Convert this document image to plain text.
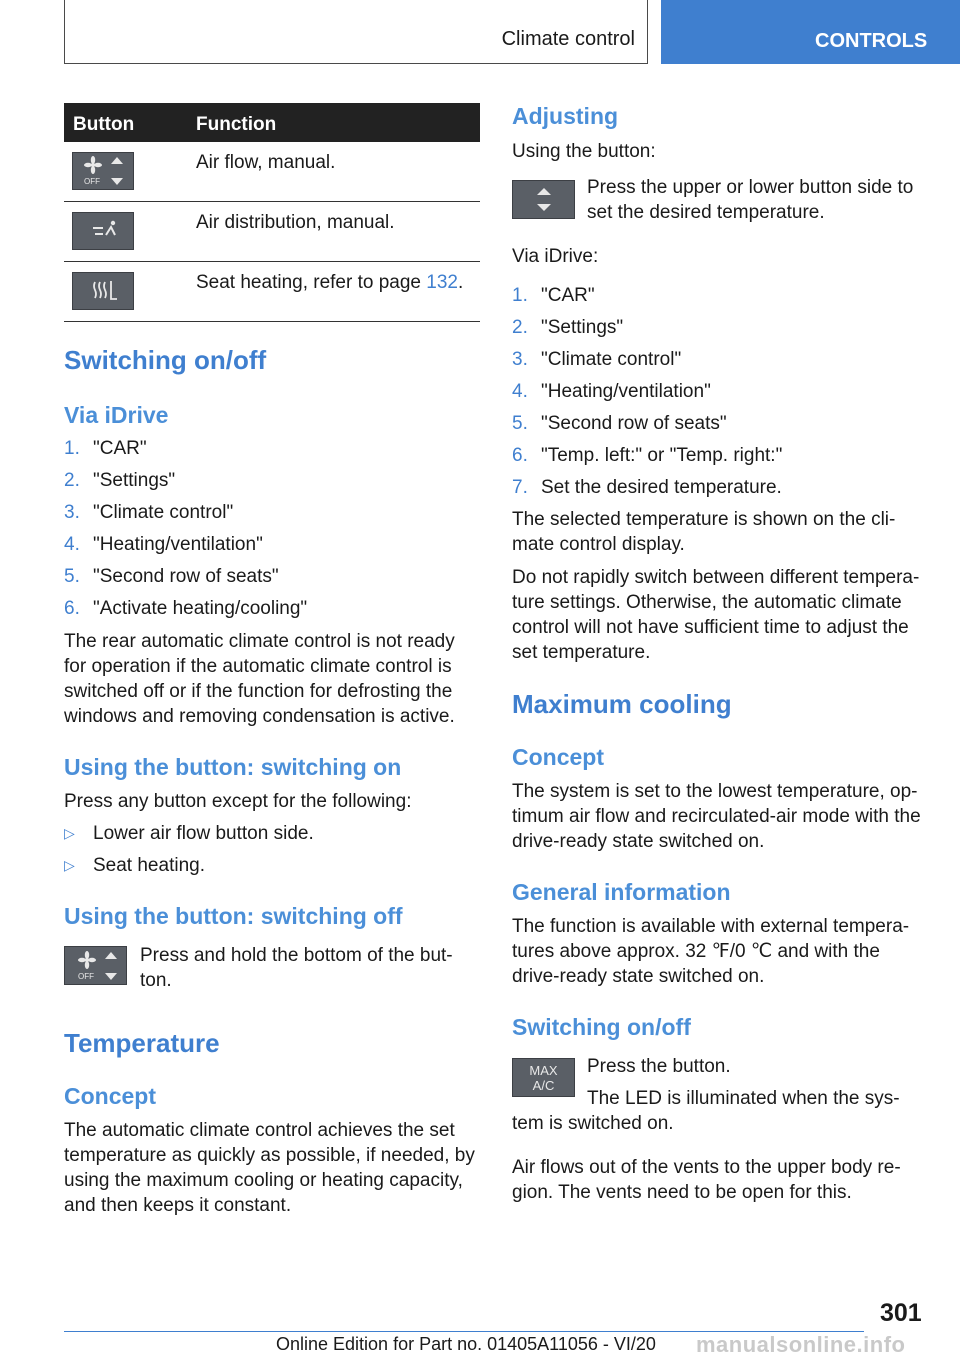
Climate control	CONTROLS
Button	Function
OFF
Air flow, manual.
Air distribution, manual.
Seat heating, refer to page 132.
Switching on/off
Via iDrive
1. "CAR"
2. "Settings"
3. "Climate control"
4. "Heating/ventilation"
5. "Second row of seats"
6. "Activate heating/cooling"
The rear automatic climate control is not ready
for operation if the automatic climate control is
switched off or if the function for defrosting the
windows and removing condensation is active.
Using the button: switching on
Press any button except for the following:
▷ Lower air flow button side.
▷ Seat heating.
Using the button: switching off
OFF
Press and hold the bottom of the but-
ton.
Temperature
Concept
The automatic climate control achieves the set
temperature as quickly as possible, if needed, by
using the maximum cooling or heating capacity,
and then keeps it constant.
Adjusting
Using the button:
Press the upper or lower button side to
set the desired temperature.
Via iDrive:
1. "CAR"
2. "Settings"
3. "Climate control"
4. "Heating/ventilation"
5. "Second row of seats"
6. "Temp. left:" or "Temp. right:"
7. Set the desired temperature.
The selected temperature is shown on the cli-
mate control display.
Do not rapidly switch between different tempera-
ture settings. Otherwise, the automatic climate
control will not have sufficient time to adjust the
set temperature.
Maximum cooling
Concept
The system is set to the lowest temperature, op-
timum air flow and recirculated-air mode with the
drive-ready state switched on.
General information
The function is available with external tempera-
tures above approx. 32 ℉/0 ℃ and with the
drive-ready state switched on.
Switching on/off
MAX
A/C
Press the button.
The LED is illuminated when the sys-
tem is switched on.
Air flows out of the vents to the upper body re-
gion. The vents need to be open for this.
301
Online Edition for Part no. 01405A11056 - VI/20 manualsonline.info
